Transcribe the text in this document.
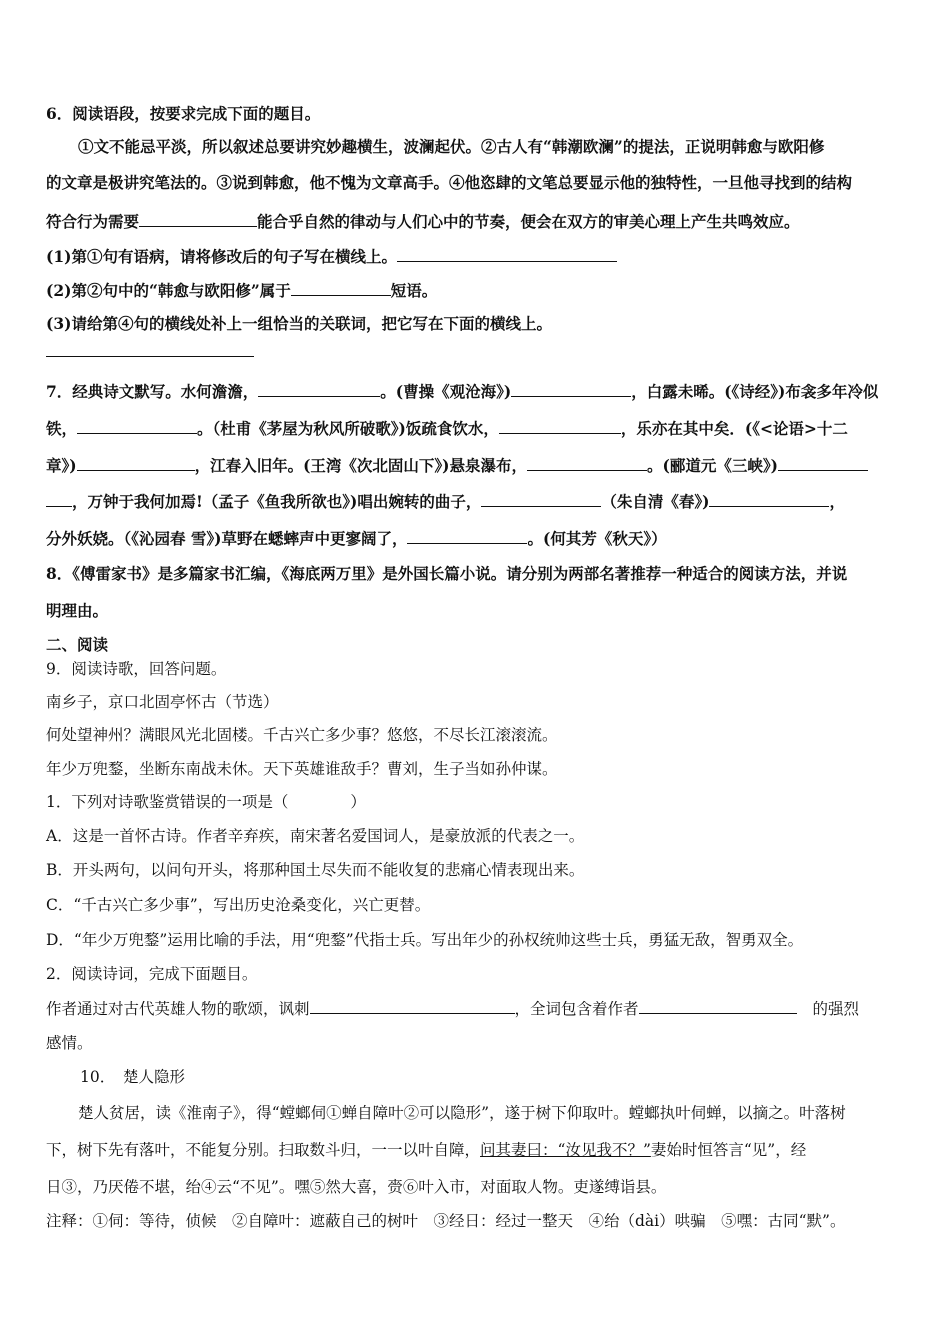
6．阅读语段，按要求完成下面的题目。
①文不能忌平淡，所以叙述总要讲究妙趣横生，波澜起伏。②古人有“韩潮欧澜”的提法，正说明韩愈与欧阳修
的文章是极讲究笔法的。③说到韩愈，他不愧为文章高手。④他恣肆的文笔总要显示他的独特性，一旦他寻找到的结构
符合行为需要	能合乎自然的律动与人们心中的节奏，便会在双方的审美心理上产生共鸣效应。
(1)第①句有语病，请将修改后的句子写在横线上。
(2)第②句中的“韩愈与欧阳修”属于	短语。
(3)请给第④句的横线处补上一组恰当的关联词，把它写在下面的横线上。
7．经典诗文默写。水何澹澹，	。(曹操《观沧海》)	，白露未晞。(《诗经》)布衾多年冷似
铁，	。（杜甫《茅屋为秋风所破歌》)饭疏食饮水，	，乐亦在其中矣．(《<论语>十二
章》)	，江春入旧年。(王湾《次北固山下》)悬泉瀑布，	。(郦道元《三峡》)
，万钟于我何加焉!（孟子《鱼我所欲也》)唱出婉转的曲子，	（朱自清《春》)	，
分外妖娆。（《沁园春 雪》)草野在蟋蟀声中更寥阔了，	。(何其芳《秋天》）
8．《傅雷家书》是多篇家书汇编，《海底两万里》是外国长篇小说。请分别为两部名著推荐一种适合的阅读方法，并说
明理由。
二、阅读
9．阅读诗歌，回答问题。
南乡子，京口北固亭怀古（节选）
何处望神州？满眼风光北固楼。千古兴亡多少事？悠悠，不尽长江滚滚流。
年少万兜鍪，坐断东南战未休。天下英雄谁敌手？曹刘，生子当如孙仲谋。
1．下列对诗歌鉴赏错误的一项是（　　　　）
A．这是一首怀古诗。作者辛弃疾，南宋著名爱国词人，是豪放派的代表之一。
B．开头两句，以问句开头，将那种国土尽失而不能收复的悲痛心情表现出来。
C．“千古兴亡多少事”，写出历史沧桑变化，兴亡更替。
D．“年少万兜鍪”运用比喻的手法，用“兜鍪”代指士兵。写出年少的孙权统帅这些士兵，勇猛无敌，智勇双全。
2．阅读诗词，完成下面题目。
作者通过对古代英雄人物的歌颂，讽刺	，全词包含着作者	的强烈
感情。
10．　楚人隐形
楚人贫居，读《淮南子》，得“螳螂伺①蝉自障叶②可以隐形”，遂于树下仰取叶。螳螂执叶伺蝉，以摘之。叶落树
下，树下先有落叶，不能复分别。扫取数斗归，一一以叶自障，问其妻曰：“汝见我不？”妻始时恒答言“见”，经
日③，乃厌倦不堪，绐④云“不见”。嘿⑤然大喜，赍⑥叶入市，对面取人物。吏遂缚诣县。
注释：①伺：等待，侦候　②自障叶：遮蔽自己的树叶　③经日：经过一整天　④绐（dài）哄骗　⑤嘿：古同“默”。
